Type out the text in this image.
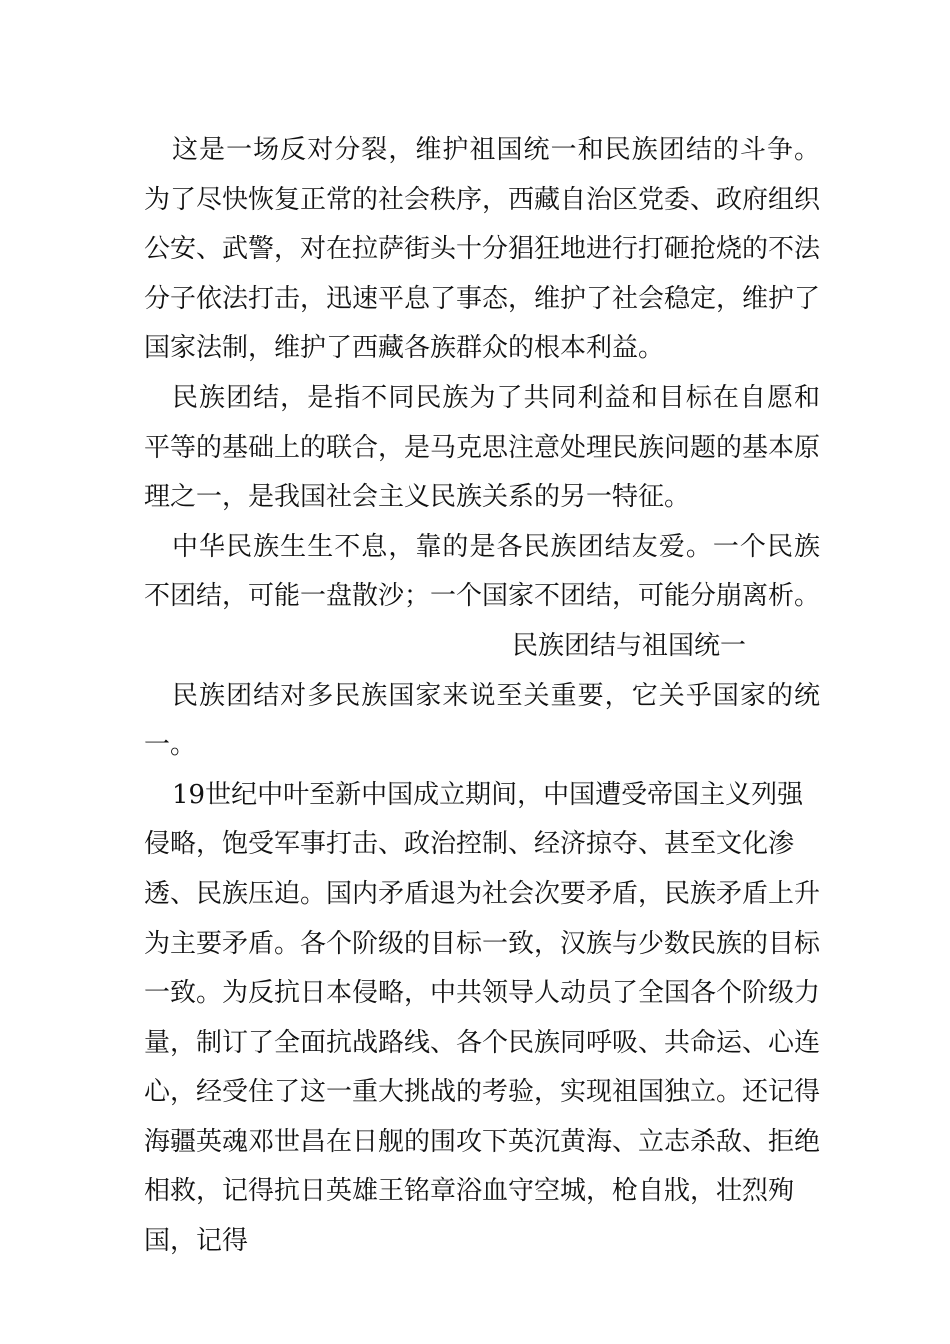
这是一场反对分裂，维护祖国统一和民族团结的斗争。为了尽快恢复正常的社会秩序，西藏自治区党委、政府组织公安、武警，对在拉萨街头十分猖狂地进行打砸抢烧的不法分子依法打击，迅速平息了事态，维护了社会稳定，维护了国家法制，维护了西藏各族群众的根本利益。

民族团结，是指不同民族为了共同利益和目标在自愿和平等的基础上的联合，是马克思注意处理民族问题的基本原理之一，是我国社会主义民族关系的另一特征。

中华民族生生不息，靠的是各民族团结友爱。一个民族不团结，可能一盘散沙；一个国家不团结，可能分崩离析。

民族团结与祖国统一

民族团结对多民族国家来说至关重要，它关乎国家的统一。

19世纪中叶至新中国成立期间，中国遭受帝国主义列强侵略，饱受军事打击、政治控制、经济掠夺、甚至文化渗透、民族压迫。国内矛盾退为社会次要矛盾，民族矛盾上升为主要矛盾。各个阶级的目标一致，汉族与少数民族的目标一致。为反抗日本侵略，中共领导人动员了全国各个阶级力量，制订了全面抗战路线、各个民族同呼吸、共命运、心连心，经受住了这一重大挑战的考验，实现祖国独立。还记得海疆英魂邓世昌在日舰的围攻下英沉黄海、立志杀敌、拒绝相救，记得抗日英雄王铭章浴血守空城，枪自戕，壮烈殉国，记得
